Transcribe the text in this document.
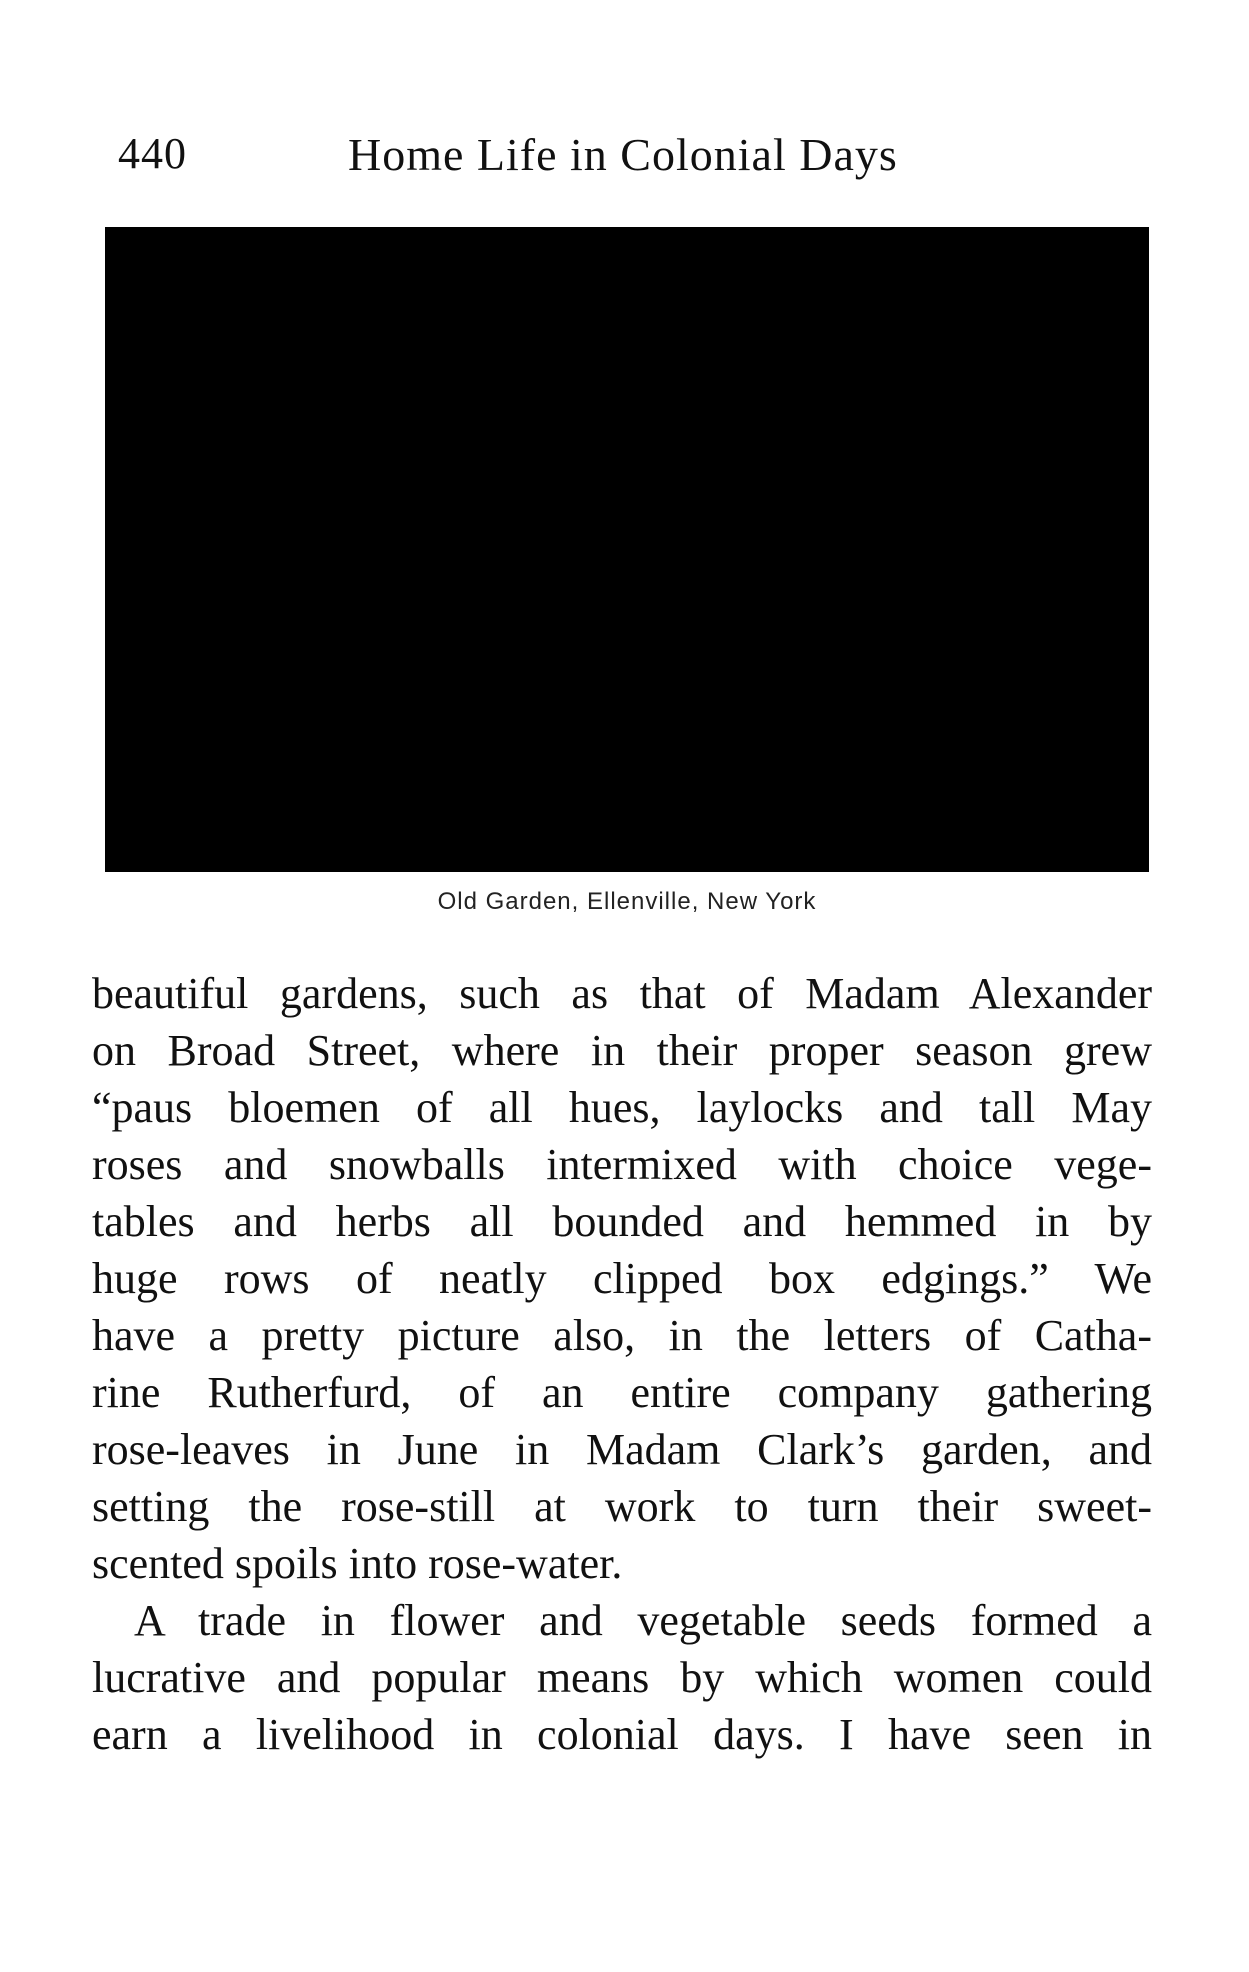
440	Home Life in Colonial Days
Old Garden, Ellenville, New York
beautiful gardens, such as that of Madam Alexander
on Broad Street, where in their proper season grew
“paus bloemen of all hues, laylocks and tall May
roses and snowballs intermixed with choice vege-
tables and herbs all bounded and hemmed in by
huge rows of neatly clipped box edgings.” We
have a pretty picture also, in the letters of Catha-
rine Rutherfurd, of an entire company gathering
rose-leaves in June in Madam Clark’s garden, and
setting the rose-still at work to turn their sweet-
scented spoils into rose-water.
A trade in flower and vegetable seeds formed a
lucrative and popular means by which women could
earn a livelihood in colonial days. I have seen in
